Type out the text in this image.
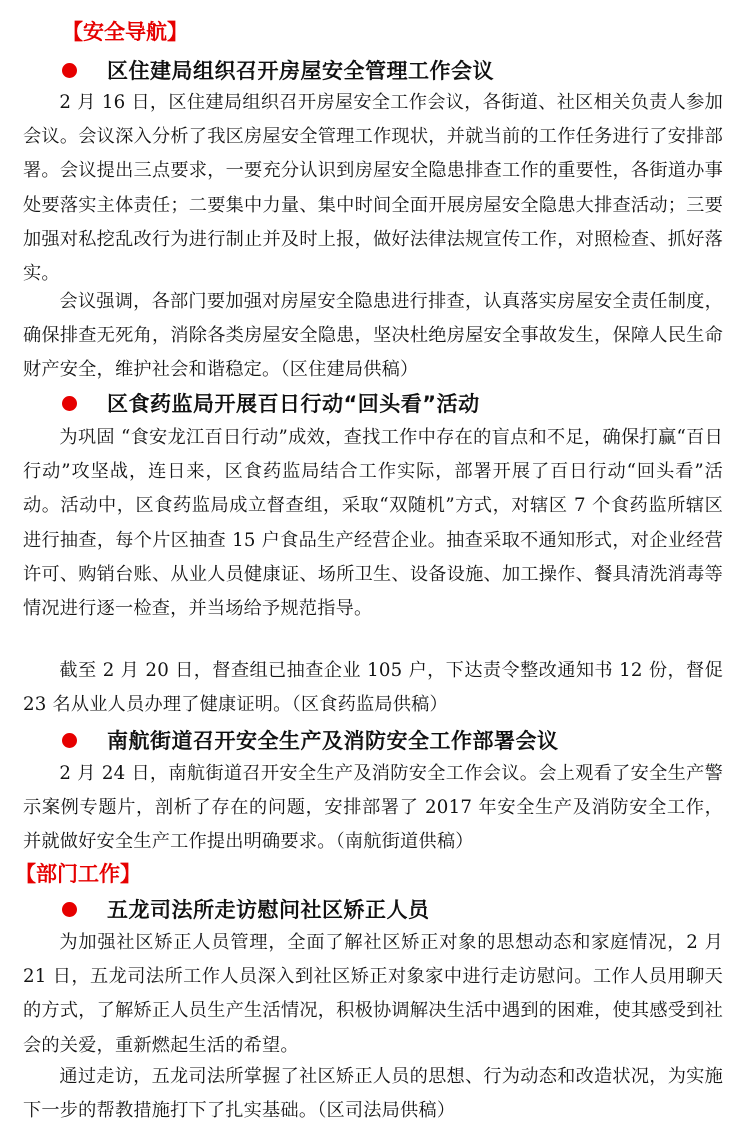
【安全导航】
区住建局组织召开房屋安全管理工作会议

2 月 16 日，区住建局组织召开房屋安全工作会议，各街道、社区相关负责人参加会议。会议深入分析了我区房屋安全管理工作现状，并就当前的工作任务进行了安排部署。会议提出三点要求，一要充分认识到房屋安全隐患排查工作的重要性，各街道办事处要落实主体责任；二要集中力量、集中时间全面开展房屋安全隐患大排查活动；三要加强对私挖乱改行为进行制止并及时上报，做好法律法规宣传工作，对照检查、抓好落实。

会议强调，各部门要加强对房屋安全隐患进行排查，认真落实房屋安全责任制度，确保排查无死角，消除各类房屋安全隐患，坚决杜绝房屋安全事故发生，保障人民生命财产安全，维护社会和谐稳定。（区住建局供稿）

区食药监局开展百日行动“回头看”活动

为巩固 “食安龙江百日行动”成效，查找工作中存在的盲点和不足，确保打赢“百日行动”攻坚战，连日来，区食药监局结合工作实际，部署开展了百日行动“回头看”活动。活动中，区食药监局成立督查组，采取“双随机”方式，对辖区 7 个食药监所辖区进行抽查，每个片区抽查 15 户食品生产经营企业。抽查采取不通知形式，对企业经营许可、购销台账、从业人员健康证、场所卫生、设备设施、加工操作、餐具清洗消毒等情况进行逐一检查，并当场给予规范指导。

截至 2 月 20 日，督查组已抽查企业 105 户，下达责令整改通知书 12 份，督促 23 名从业人员办理了健康证明。（区食药监局供稿）

南航街道召开安全生产及消防安全工作部署会议

2 月 24 日，南航街道召开安全生产及消防安全工作会议。会上观看了安全生产警示案例专题片，剖析了存在的问题，安排部署了 2017 年安全生产及消防安全工作，并就做好安全生产工作提出明确要求。（南航街道供稿）

【部门工作】
五龙司法所走访慰问社区矫正人员

为加强社区矫正人员管理，全面了解社区矫正对象的思想动态和家庭情况，2 月 21 日，五龙司法所工作人员深入到社区矫正对象家中进行走访慰问。工作人员用聊天的方式，了解矫正人员生产生活情况，积极协调解决生活中遇到的困难，使其感受到社会的关爱，重新燃起生活的希望。

通过走访，五龙司法所掌握了社区矫正人员的思想、行为动态和改造状况，为实施下一步的帮教措施打下了扎实基础。（区司法局供稿）
